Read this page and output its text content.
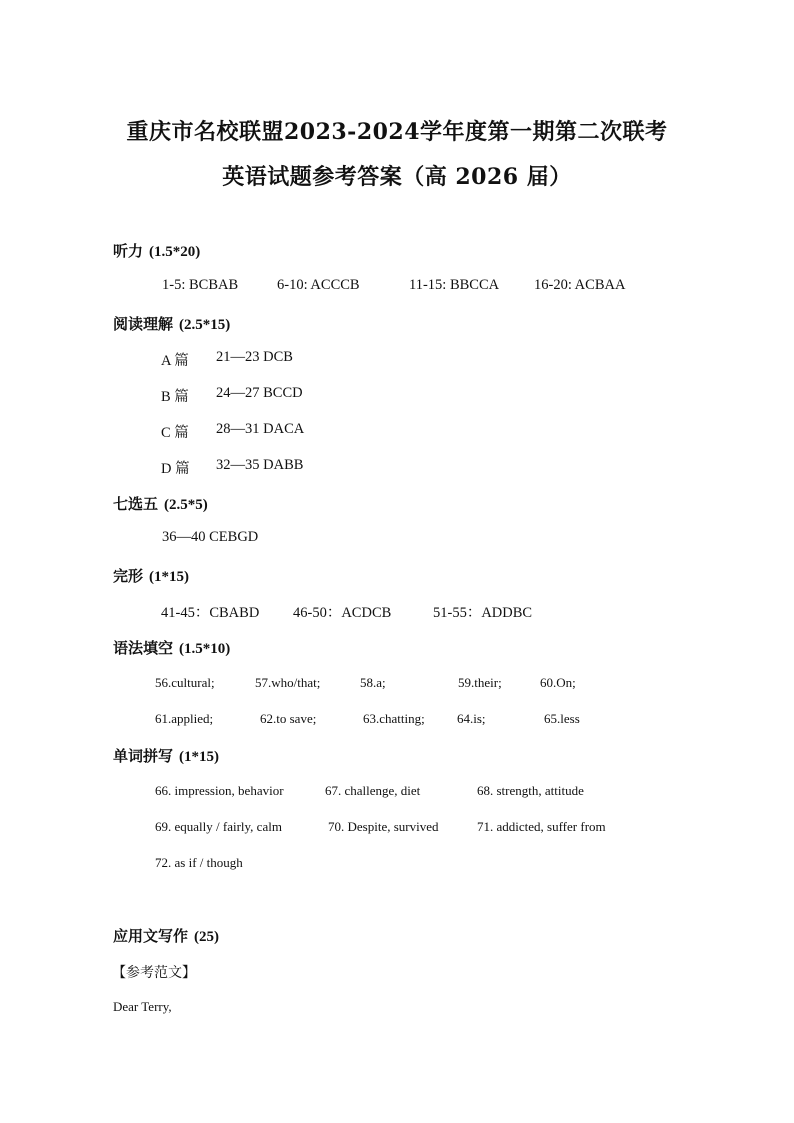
重庆市名校联盟2023-2024学年度第一期第二次联考
英语试题参考答案（高 2026 届）
听力 (1.5*20)
1-5: BCBAB	6-10: ACCCB	11-15: BBCCA 16-20: ACBAA
阅读理解 (2.5*15)
A 篇 21—23 DCB
B 篇 24—27 BCCD
C 篇 28—31 DACA
D 篇 32—35 DABB
七选五 (2.5*5)
36—40 CEBGD
完形 (1*15)
41-45：CBABD 46-50：ACDCB	51-55：ADDBC
语法填空 (1.5*10)
56.cultural;	57.who/that;	58.a;	59.their;	60.On;
61.applied;	62.to save;	63.chatting; 64.is;	65.less
单词拼写 (1*15)
66. impression, behavior	67. challenge, diet	68. strength, attitude
69. equally / fairly, calm	70. Despite, survived	71. addicted, suffer from
72. as if / though
应用文写作 (25)
【参考范文】
Dear Terry,
